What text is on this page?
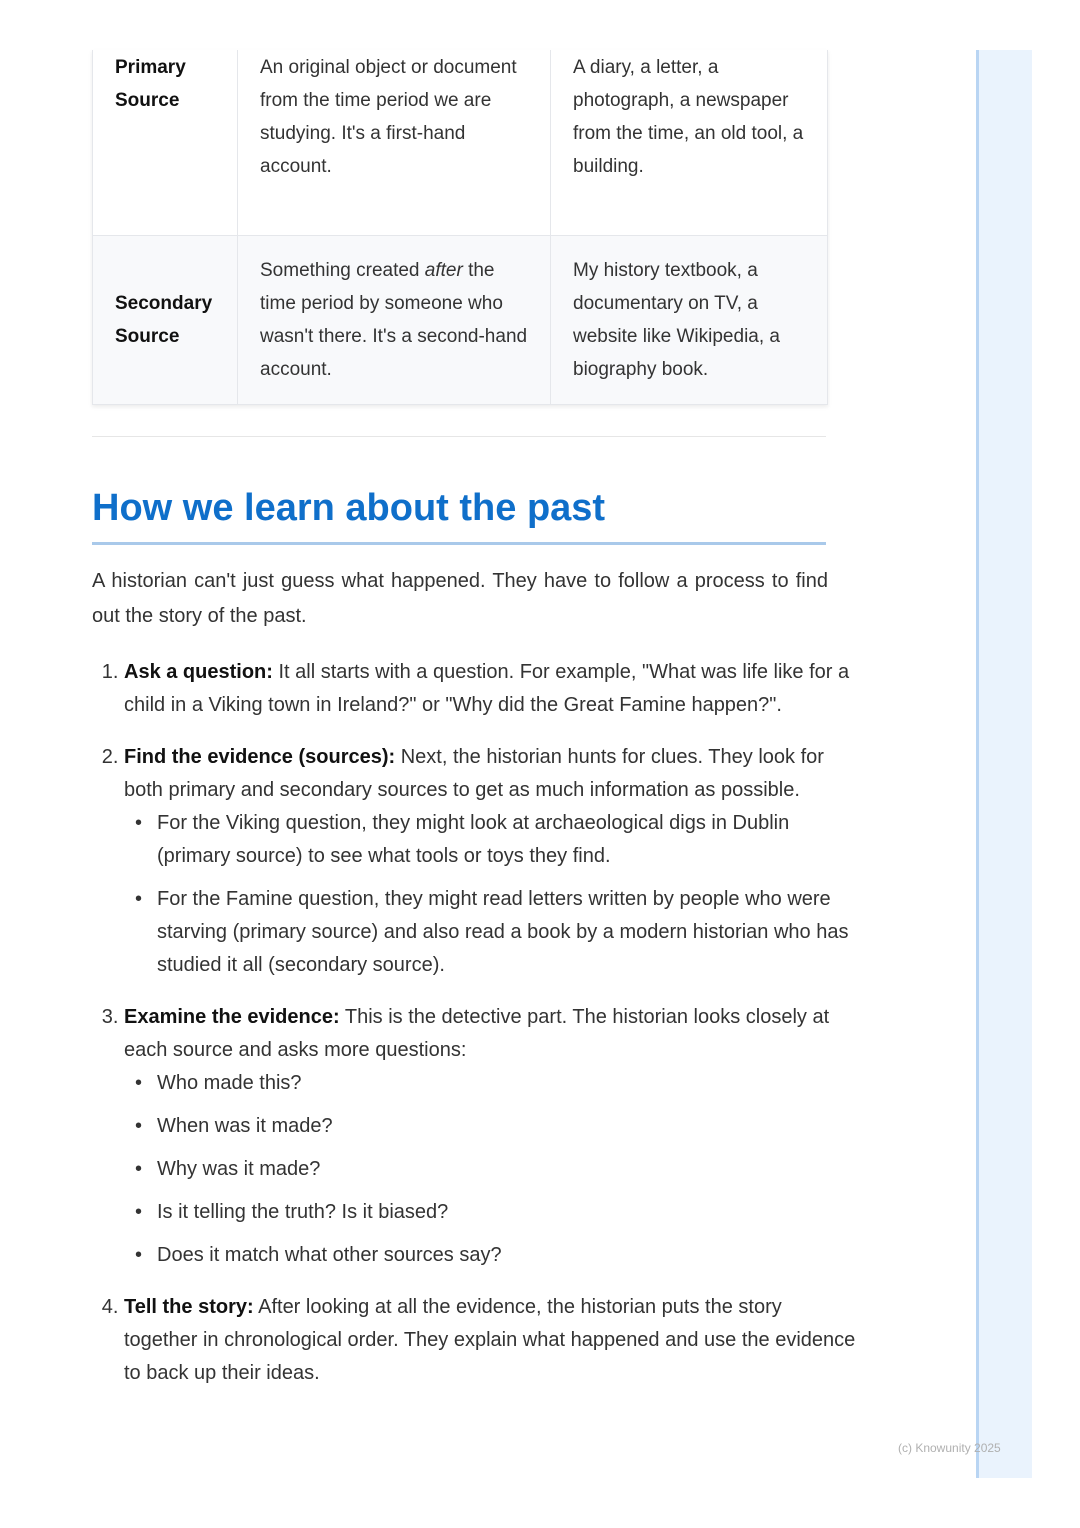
Primary Source	An original object or document from the time period we are studying. It's a first-hand account.	A diary, a letter, a photograph, a newspaper from the time, an old tool, a building.
Secondary Source	Something created after the time period by someone who wasn't there. It's a second-hand account.	My history textbook, a documentary on TV, a website like Wikipedia, a biography book.
How we learn about the past

A historian can't just guess what happened. They have to follow a process to find out the story of the past.

1. Ask a question: It all starts with a question. For example, "What was life like for a child in a Viking town in Ireland?" or "Why did the Great Famine happen?".
2. Find the evidence (sources): Next, the historian hunts for clues. They look for both primary and secondary sources to get as much information as possible.
• For the Viking question, they might look at archaeological digs in Dublin (primary source) to see what tools or toys they find.
• For the Famine question, they might read letters written by people who were starving (primary source) and also read a book by a modern historian who has studied it all (secondary source).
3. Examine the evidence: This is the detective part. The historian looks closely at each source and asks more questions:
• Who made this?
• When was it made?
• Why was it made?
• Is it telling the truth? Is it biased?
• Does it match what other sources say?
4. Tell the story: After looking at all the evidence, the historian puts the story together in chronological order. They explain what happened and use the evidence to back up their ideas.
(c) Knowunity 2025
